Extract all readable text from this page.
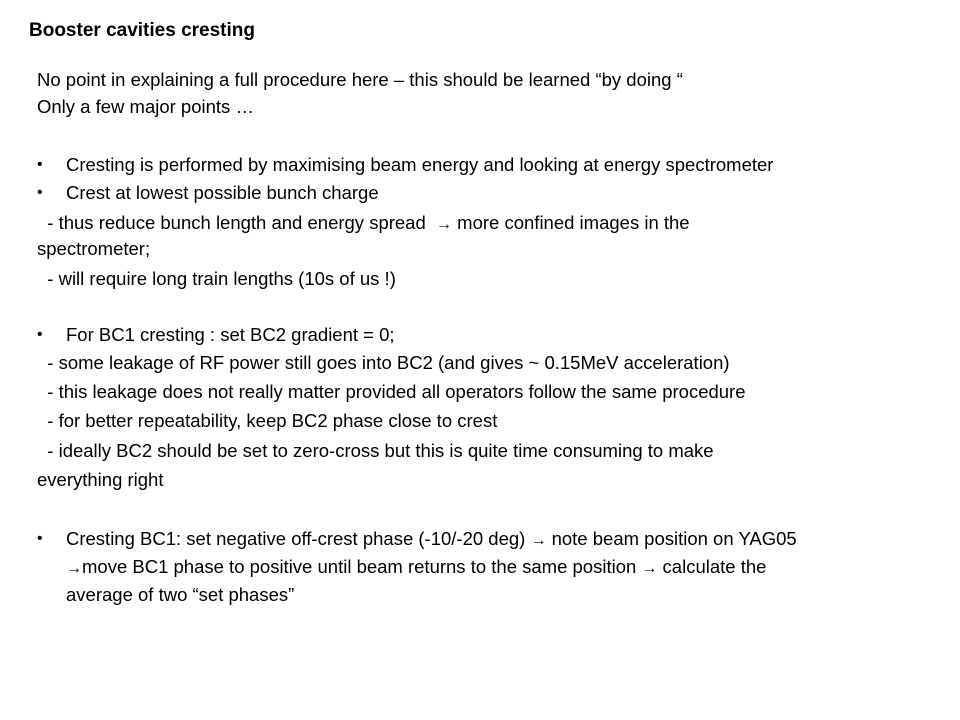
Booster cavities cresting
No point in explaining a full procedure here – this should be learned “by doing “
Only a few major points …
• Cresting is performed by maximising beam energy and looking at energy spectrometer
• Crest at lowest possible bunch charge
- thus reduce bunch length and energy spread  → more confined images in the
spectrometer;
- will require long train lengths (10s of us !)
• For BC1 cresting : set BC2 gradient = 0;
- some leakage of RF power still goes into BC2 (and gives ~ 0.15MeV acceleration)
- this leakage does not really matter provided all operators follow the same procedure
- for better repeatability, keep BC2 phase close to crest
- ideally BC2 should be set to zero-cross but this is quite time consuming to make
everything right
• Cresting BC1: set negative off-crest phase (-10/-20 deg) → note beam position on YAG05
→move BC1 phase to positive until beam returns to the same position → calculate the
average of two “set phases”
